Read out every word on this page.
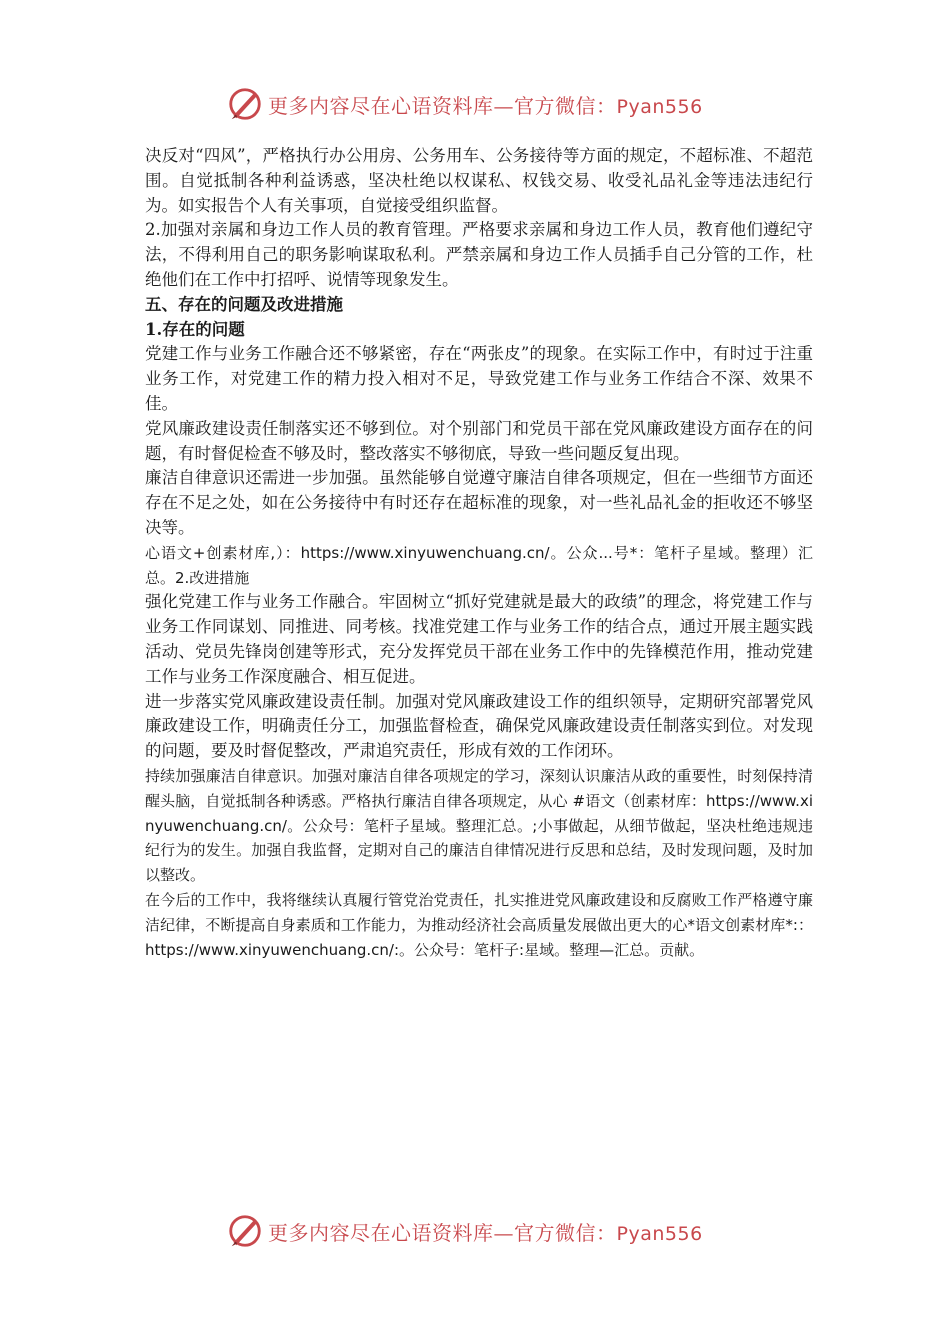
更多内容尽在心语资料库—官方微信：Pyan556

决反对“四风”，严格执行办公用房、公务用车、公务接待等方面的规定，不超标准、不超范围。自觉抵制各种利益诱惑，坚决杜绝以权谋私、权钱交易、收受礼品礼金等违法违纪行为。如实报告个人有关事项，自觉接受组织监督。

2.加强对亲属和身边工作人员的教育管理。严格要求亲属和身边工作人员，教育他们遵纪守法，不得利用自己的职务影响谋取私利。严禁亲属和身边工作人员插手自己分管的工作，杜绝他们在工作中打招呼、说情等现象发生。

五、存在的问题及改进措施

1.存在的问题

党建工作与业务工作融合还不够紧密，存在“两张皮”的现象。在实际工作中，有时过于注重业务工作，对党建工作的精力投入相对不足，导致党建工作与业务工作结合不深、效果不佳。

党风廉政建设责任制落实还不够到位。对个别部门和党员干部在党风廉政建设方面存在的问题，有时督促检查不够及时，整改落实不够彻底，导致一些问题反复出现。

廉洁自律意识还需进一步加强。虽然能够自觉遵守廉洁自律各项规定，但在一些细节方面还存在不足之处，如在公务接待中有时还存在超标准的现象，对一些礼品礼金的拒收还不够坚决等。

心语文+创素材库,）：https://www.xinyuwenchuang.cn/。公众...号*：笔杆子星域。整理）汇总。2.改进措施

强化党建工作与业务工作融合。牢固树立“抓好党建就是最大的政绩”的理念，将党建工作与业务工作同谋划、同推进、同考核。找准党建工作与业务工作的结合点，通过开展主题实践活动、党员先锋岗创建等形式，充分发挥党员干部在业务工作中的先锋模范作用，推动党建工作与业务工作深度融合、相互促进。

进一步落实党风廉政建设责任制。加强对党风廉政建设工作的组织领导，定期研究部署党风廉政建设工作，明确责任分工，加强监督检查，确保党风廉政建设责任制落实到位。对发现的问题，要及时督促整改，严肃追究责任，形成有效的工作闭环。

持续加强廉洁自律意识。加强对廉洁自律各项规定的学习，深刻认识廉洁从政的重要性，时刻保持清醒头脑，自觉抵制各种诱惑。严格执行廉洁自律各项规定，从心 #语文（创素材库：https://www.xinyuwenchuang.cn/。公众号：笔杆子星域。整理汇总。;小事做起，从细节做起，坚决杜绝违规违纪行为的发生。加强自我监督，定期对自己的廉洁自律情况进行反思和总结，及时发现问题，及时加以整改。

在今后的工作中，我将继续认真履行管党治党责任，扎实推进党风廉政建设和反腐败工作严格遵守廉洁纪律，不断提高自身素质和工作能力，为推动经济社会高质量发展做出更大的心*语文创素材库*:：https://www.xinyuwenchuang.cn/:。公众号：笔杆子:星域。整理—汇总。贡献。

更多内容尽在心语资料库—官方微信：Pyan556
